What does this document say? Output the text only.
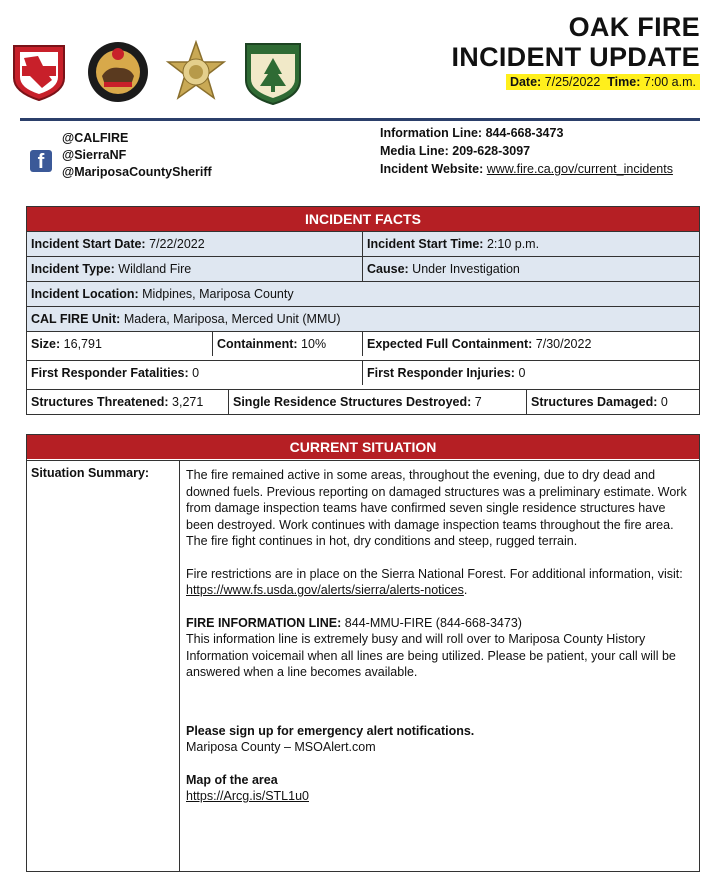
OAK FIRE
INCIDENT UPDATE
Date: 7/25/2022 Time: 7:00 a.m.
f
@CALFIRE
@SierraNF
@MariposaCountySheriff
Information Line: 844-668-3473
Media Line: 209-628-3097
Incident Website: www.fire.ca.gov/current_incidents
INCIDENT FACTS
Incident Start Date: 7/22/2022	Incident Start Time: 2:10 p.m.
Incident Type: Wildland Fire	Cause: Under Investigation
Incident Location: Midpines, Mariposa County
CAL FIRE Unit: Madera, Mariposa, Merced Unit (MMU)
Size: 16,791	Containment: 10%	Expected Full Containment: 7/30/2022
First Responder Fatalities: 0	First Responder Injuries: 0
Structures Threatened: 3,271	Single Residence Structures Destroyed: 7	Structures Damaged: 0
CURRENT SITUATION
Situation Summary:	The fire remained active in some areas, throughout the evening, due to dry dead and downed fuels. Previous reporting on damaged structures was a preliminary estimate. Work from damage inspection teams have confirmed seven single residence structures have been destroyed. Work continues with damage inspection teams throughout the fire area. The fire fight continues in hot, dry conditions and steep, rugged terrain.

Fire restrictions are in place on the Sierra National Forest. For additional information, visit: https://www.fs.usda.gov/alerts/sierra/alerts-notices.

FIRE INFORMATION LINE: 844-MMU-FIRE (844-668-3473)
This information line is extremely busy and will roll over to Mariposa County History Information voicemail when all lines are being utilized. Please be patient, your call will be answered when a line becomes available.

Please sign up for emergency alert notifications.
Mariposa County – MSOAlert.com

Map of the area
https://Arcg.is/STL1u0
